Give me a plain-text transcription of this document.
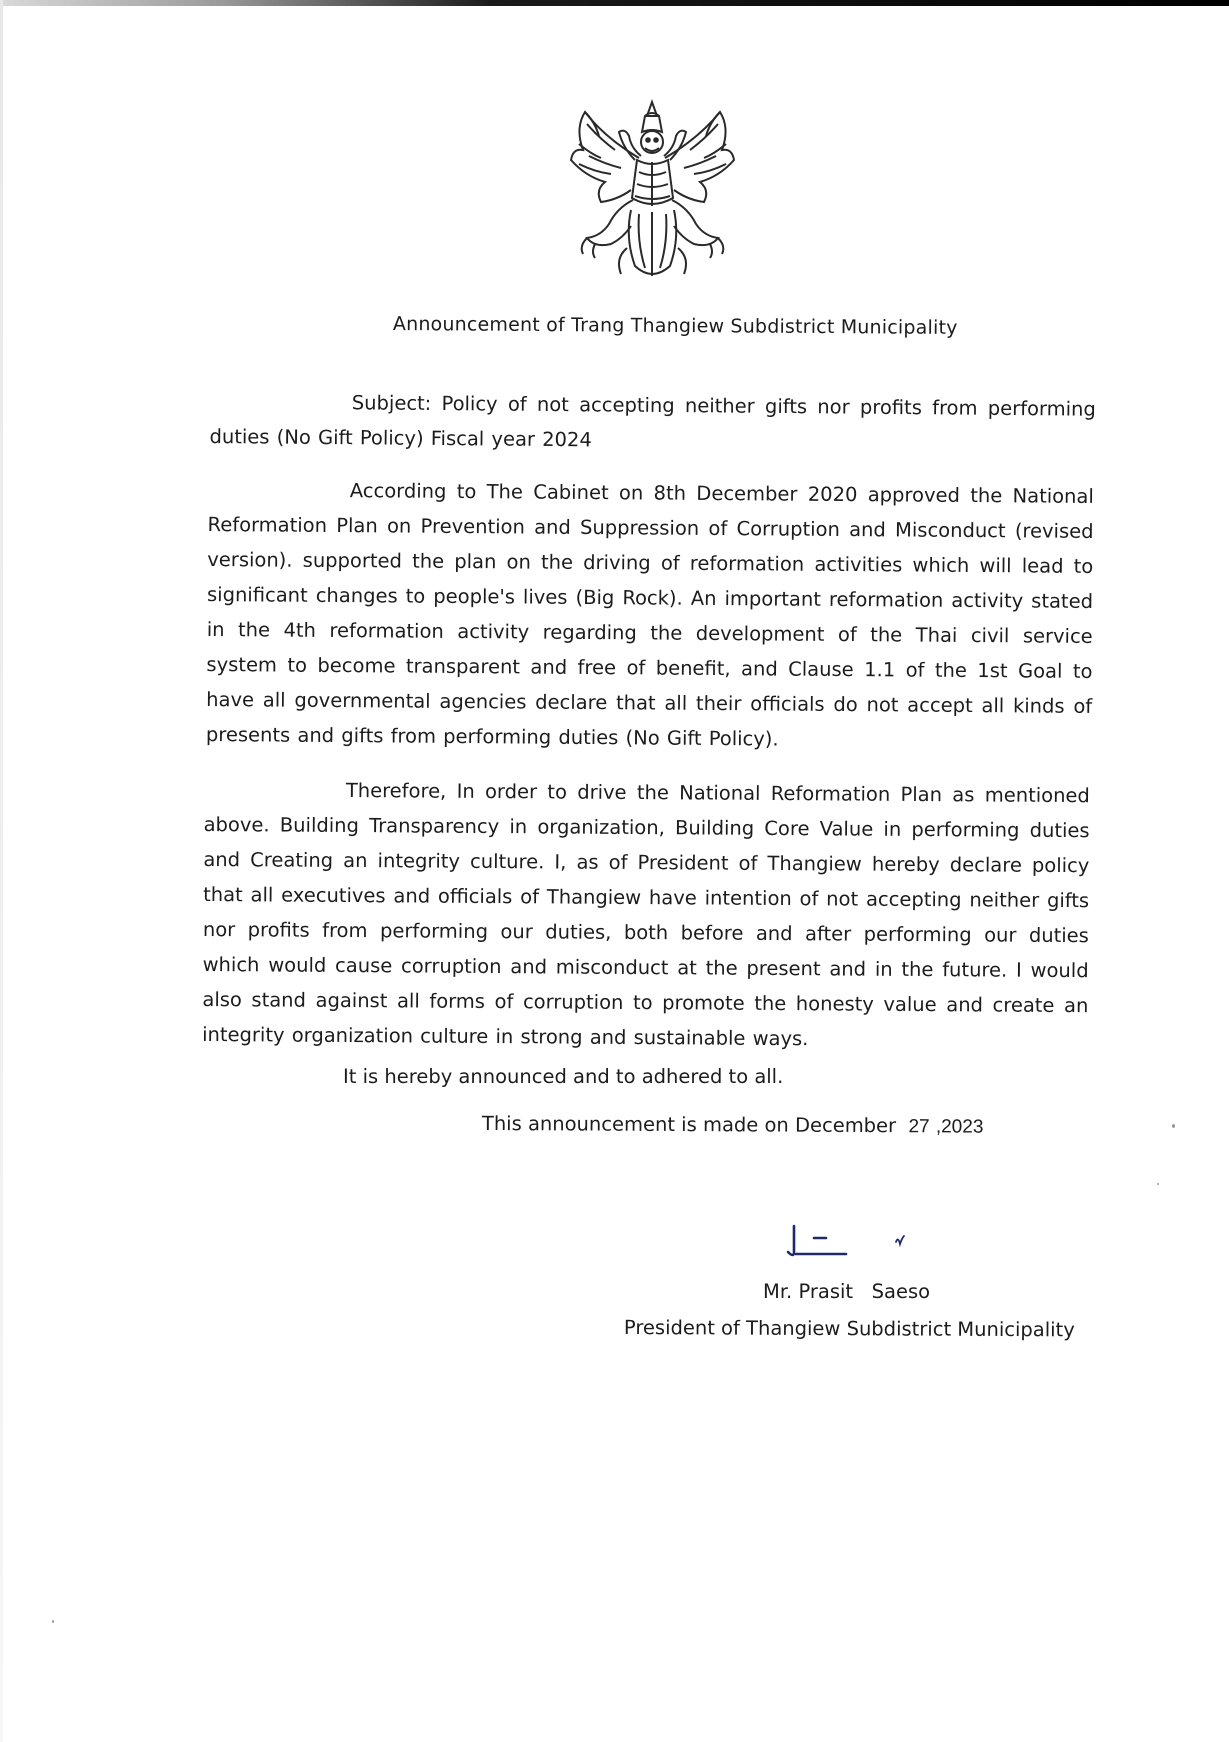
Announcement of Trang Thangiew Subdistrict Municipality
Subject: Policy of not accepting neither gifts nor profits from performing duties (No Gift Policy) Fiscal year 2024
According to The Cabinet on 8th December 2020 approved the National Reformation Plan on Prevention and Suppression of Corruption and Misconduct (revised version). supported the plan on the driving of reformation activities which will lead to significant changes to people's lives (Big Rock). An important reformation activity stated in the 4th reformation activity regarding the development of the Thai civil service system to become transparent and free of benefit, and Clause 1.1 of the 1st Goal to have all governmental agencies declare that all their officials do not accept all kinds of presents and gifts from performing duties (No Gift Policy).
Therefore, In order to drive the National Reformation Plan as mentioned above. Building Transparency in organization, Building Core Value in performing duties and Creating an integrity culture. I, as of President of Thangiew hereby declare policy that all executives and officials of Thangiew have intention of not accepting neither gifts nor profits from performing our duties, both before and after performing our duties which would cause corruption and misconduct at the present and in the future. I would also stand against all forms of corruption to promote the honesty value and create an integrity organization culture in strong and sustainable ways.
It is hereby announced and to adhered to all.
This announcement is made on December 27 ,2023
Mr. Prasit   Saeso
President of Thangiew Subdistrict Municipality
